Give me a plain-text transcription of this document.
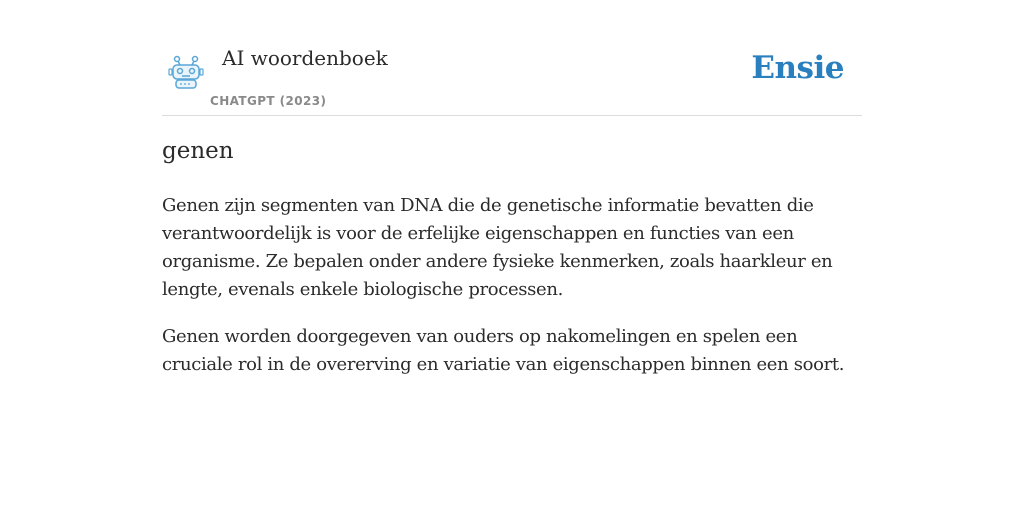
AI woordenboek
CHATGPT (2023)
Ensie
genen

Genen zijn segmenten van DNA die de genetische informatie bevatten die verantwoordelijk is voor de erfelijke eigenschappen en functies van een organisme. Ze bepalen onder andere fysieke kenmerken, zoals haarkleur en lengte, evenals enkele biologische processen.

Genen worden doorgegeven van ouders op nakomelingen en spelen een cruciale rol in de overerving en variatie van eigenschappen binnen een soort.
